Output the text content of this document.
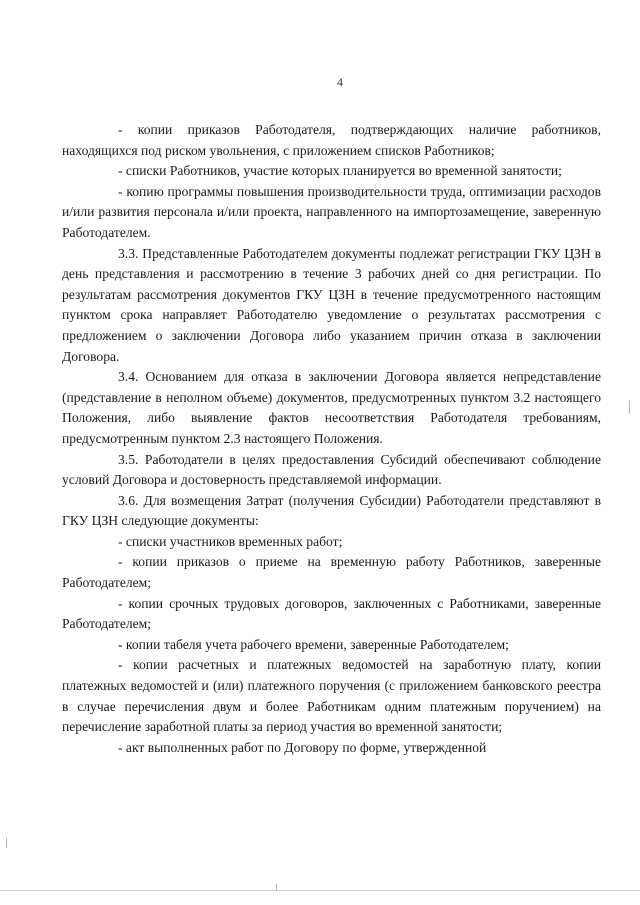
4

- копии приказов Работодателя, подтверждающих наличие работников, находящихся под риском увольнения, с приложением списков Работников;

- списки Работников, участие которых планируется во временной занятости;

- копию программы повышения производительности труда, оптимизации расходов и/или развития персонала и/или проекта, направленного на импортозамещение, заверенную Работодателем.

3.3. Представленные Работодателем документы подлежат регистрации ГКУ ЦЗН в день представления и рассмотрению в течение 3 рабочих дней со дня регистрации. По результатам рассмотрения документов ГКУ ЦЗН в течение предусмотренного настоящим пунктом срока направляет Работодателю уведомление о результатах рассмотрения с предложением о заключении Договора либо указанием причин отказа в заключении Договора.

3.4. Основанием для отказа в заключении Договора является непредставление (представление в неполном объеме) документов, предусмотренных пунктом 3.2 настоящего Положения, либо выявление фактов несоответствия Работодателя требованиям, предусмотренным пунктом 2.3 настоящего Положения.

3.5. Работодатели в целях предоставления Субсидий обеспечивают соблюдение условий Договора и достоверность представляемой информации.

3.6. Для возмещения Затрат (получения Субсидии) Работодатели представляют в ГКУ ЦЗН следующие документы:

- списки участников временных работ;

- копии приказов о приеме на временную работу Работников, заверенные Работодателем;

- копии срочных трудовых договоров, заключенных с Работниками, заверенные Работодателем;

- копии табеля учета рабочего времени, заверенные Работодателем;

- копии расчетных и платежных ведомостей на заработную плату, копии платежных ведомостей и (или) платежного поручения (с приложением банковского реестра в случае перечисления двум и более Работникам одним платежным поручением) на перечисление заработной платы за период участия во временной занятости;

- акт выполненных работ по Договору по форме, утвержденной
